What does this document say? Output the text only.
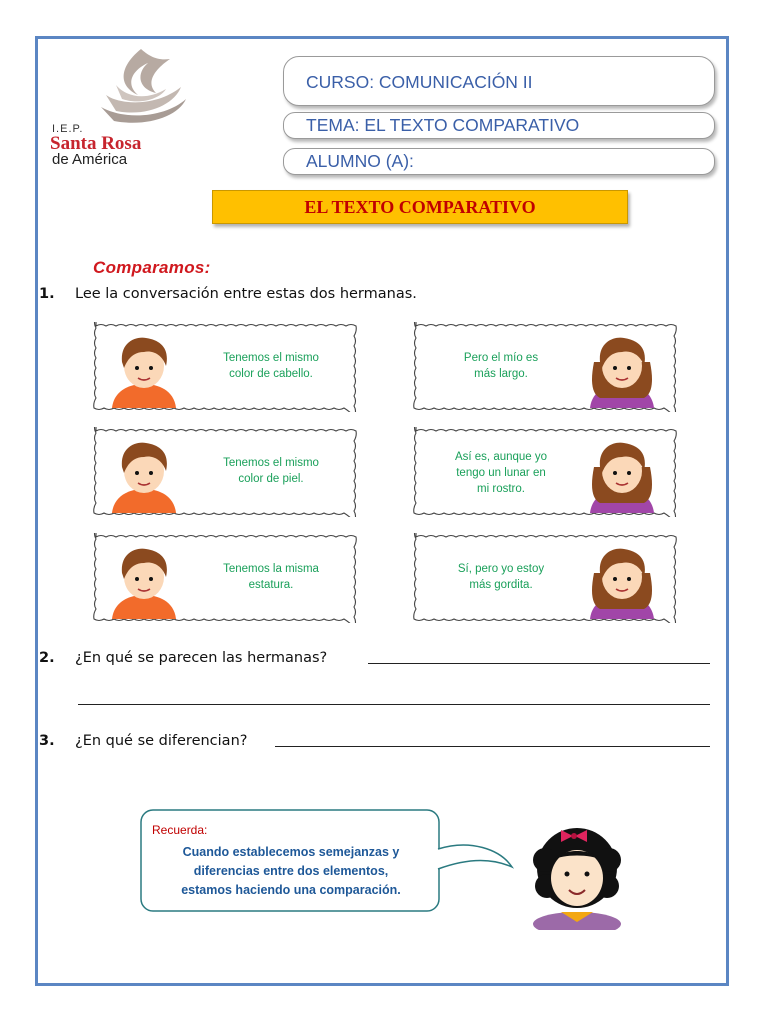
I.E.P.
Santa Rosa
de América
CURSO: COMUNICACIÓN II
TEMA: EL TEXTO COMPARATIVO
ALUMNO (A):
EL TEXTO COMPARATIVO
Comparamos:
1. Lee la conversación entre estas dos hermanas.
Tenemos el mismo
color de cabello.
Pero el mío es
más largo.
Tenemos el mismo
color de piel.
Así es, aunque yo
tengo un lunar en
mi rostro.
Tenemos la misma
estatura.
Sí, pero yo estoy
más gordita.
2. ¿En qué se parecen las hermanas?
3. ¿En qué se diferencian?
Recuerda:
Cuando establecemos semejanzas y
diferencias entre dos elementos,
estamos haciendo una comparación.
